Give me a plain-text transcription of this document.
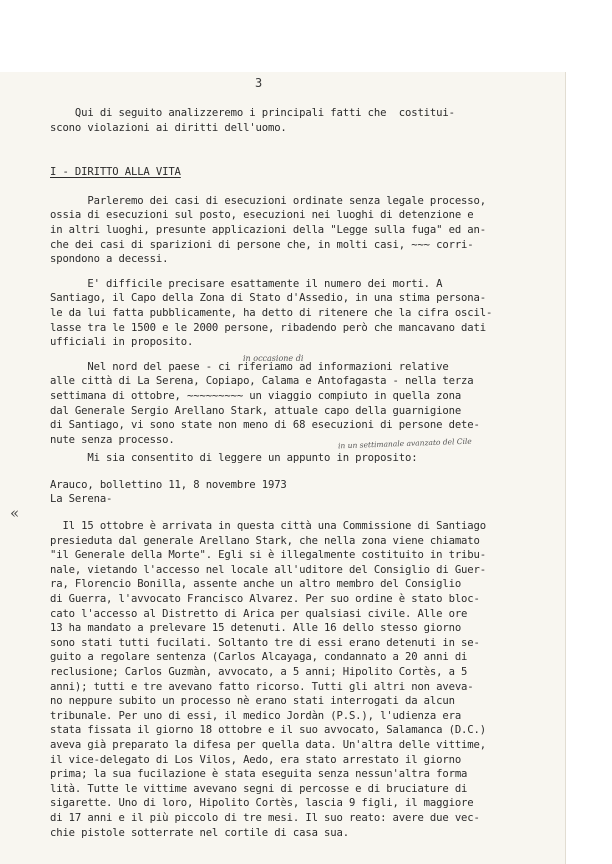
3
Qui di seguito analizzeremo i principali fatti che  costitui-
scono violazioni ai diritti dell'uomo.
I - DIRITTO ALLA VITA
Parleremo dei casi di esecuzioni ordinate senza legale processo,
ossia di esecuzioni sul posto, esecuzioni nei luoghi di detenzione e
in altri luoghi, presunte applicazioni della "Legge sulla fuga" ed an-
che dei casi di sparizioni di persone che, in molti casi, ~~~ corri-
spondono a decessi.
E' difficile precisare esattamente il numero dei morti. A
Santiago, il Capo della Zona di Stato d'Assedio, in una stima persona-
le da lui fatta pubblicamente, ha detto di ritenere che la cifra oscil-
lasse tra le 1500 e le 2000 persone, ribadendo però che mancavano dati
ufficiali in proposito.
Nel nord del paese - ci riferiamo ad informazioni relative
alle città di La Serena, Copiapo, Calama e Antofagasta - nella terza
settimana di ottobre, ~~~~~~~~~ un viaggio compiuto in quella zona
dal Generale Sergio Arellano Stark, attuale capo della guarnigione
di Santiago, vi sono state non meno di 68 esecuzioni di persone dete-
nute senza processo.
Mi sia consentito di leggere un appunto in proposito:
Arauco, bollettino 11, 8 novembre 1973
La Serena-
Il 15 ottobre è arrivata in questa città una Commissione di Santiago
presieduta dal generale Arellano Stark, che nella zona viene chiamato
"il Generale della Morte". Egli si è illegalmente costituito in tribu-
nale, vietando l'accesso nel locale all'uditore del Consiglio di Guer-
ra, Florencio Bonilla, assente anche un altro membro del Consiglio
di Guerra, l'avvocato Francisco Alvarez. Per suo ordine è stato bloc-
cato l'accesso al Distretto di Arica per qualsiasi civile. Alle ore
13 ha mandato a prelevare 15 detenuti. Alle 16 dello stesso giorno
sono stati tutti fucilati. Soltanto tre di essi erano detenuti in se-
guito a regolare sentenza (Carlos Alcayaga, condannato a 20 anni di
reclusione; Carlos Guzmàn, avvocato, a 5 anni; Hipolito Cortès, a 5
anni); tutti e tre avevano fatto ricorso. Tutti gli altri non aveva-
no neppure subito un processo nè erano stati interrogati da alcun
tribunale. Per uno di essi, il medico Jordàn (P.S.), l'udienza era
stata fissata il giorno 18 ottobre e il suo avvocato, Salamanca (D.C.)
aveva già preparato la difesa per quella data. Un'altra delle vittime,
il vice-delegato di Los Vilos, Aedo, era stato arrestato il giorno
prima; la sua fucilazione è stata eseguita senza nessun'altra forma
lità. Tutte le vittime avevano segni di percosse e di bruciature di
sigarette. Uno di loro, Hipolito Cortès, lascia 9 figli, il maggiore
di 17 anni e il più piccolo di tre mesi. Il suo reato: avere due vec-
chie pistole sotterrate nel cortile di casa sua.
in occasione di
in un settimanale avanzato del Cile
«
